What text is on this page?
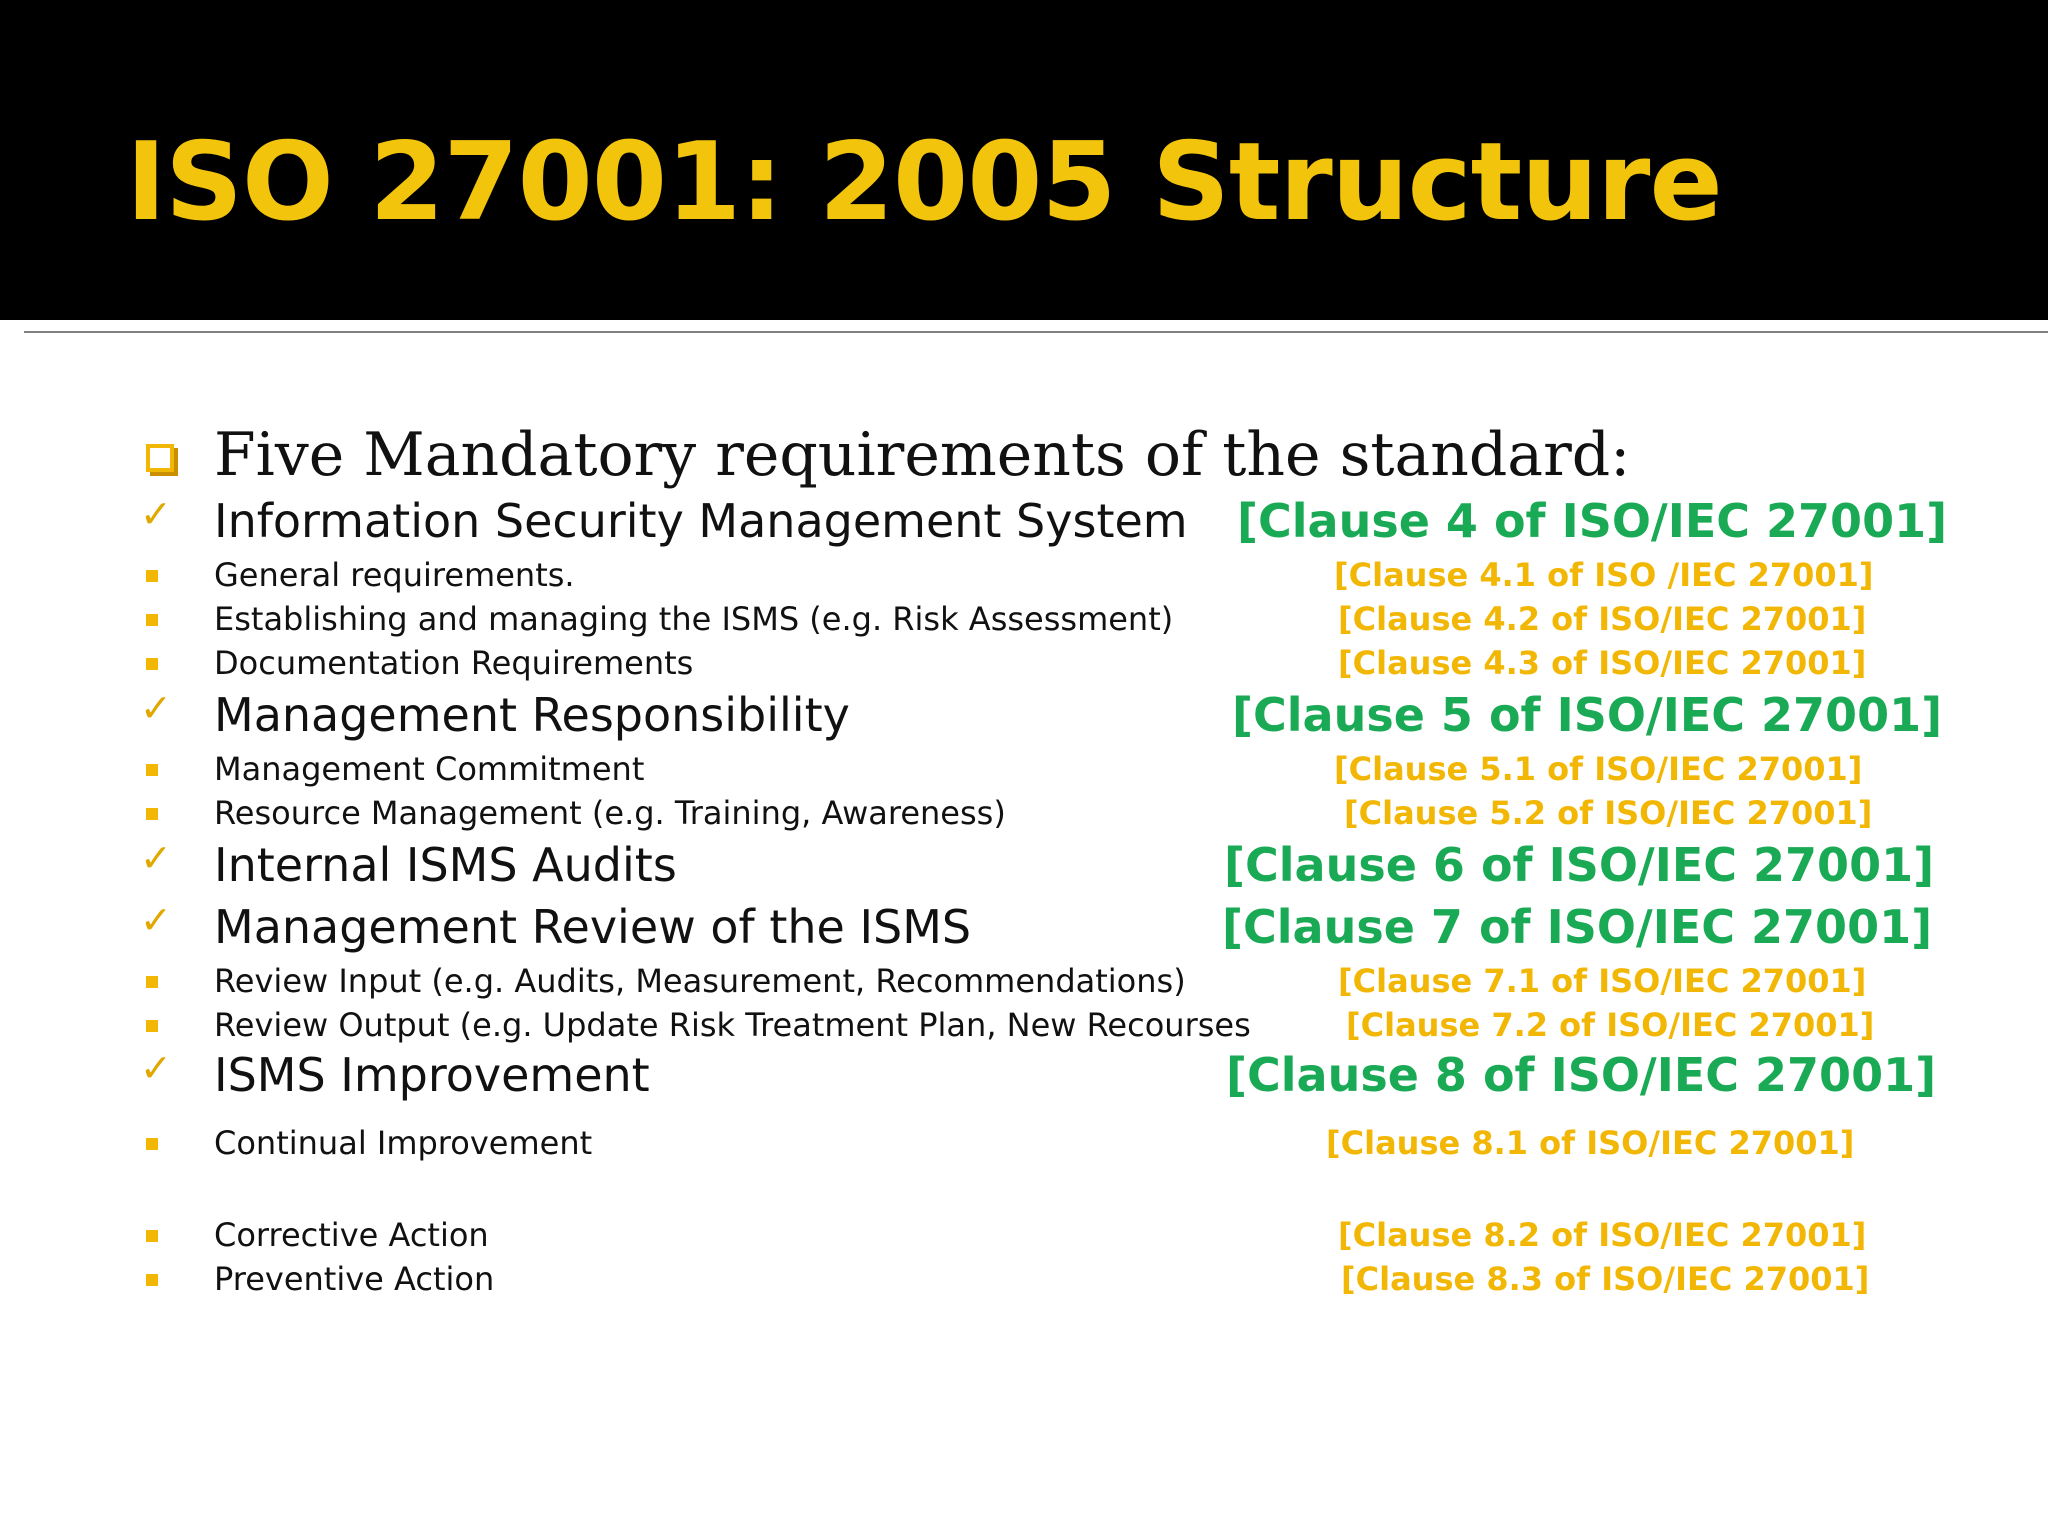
ISO 27001: 2005 Structure
Five Mandatory requirements of the standard:
✓ Information Security Management System [Clause 4 of ISO/IEC 27001]
General requirements.	[Clause 4.1 of ISO /IEC 27001]
Establishing and managing the ISMS (e.g. Risk Assessment)	[Clause 4.2 of ISO/IEC 27001]
Documentation Requirements	[Clause 4.3 of ISO/IEC 27001]
✓ Management Responsibility	[Clause 5 of ISO/IEC 27001]
Management Commitment	[Clause 5.1 of ISO/IEC 27001]
Resource Management (e.g. Training, Awareness)	[Clause 5.2 of ISO/IEC 27001]
✓ Internal ISMS Audits	[Clause 6 of ISO/IEC 27001]
✓ Management Review of the ISMS	[Clause 7 of ISO/IEC 27001]
Review Input (e.g. Audits, Measurement, Recommendations)	[Clause 7.1 of ISO/IEC 27001]
Review Output (e.g. Update Risk Treatment Plan, New Recourses	[Clause 7.2 of ISO/IEC 27001]
✓ ISMS Improvement	[Clause 8 of ISO/IEC 27001]
Continual Improvement	[Clause 8.1 of ISO/IEC 27001]
Corrective Action	[Clause 8.2 of ISO/IEC 27001]
Preventive Action	[Clause 8.3 of ISO/IEC 27001]
